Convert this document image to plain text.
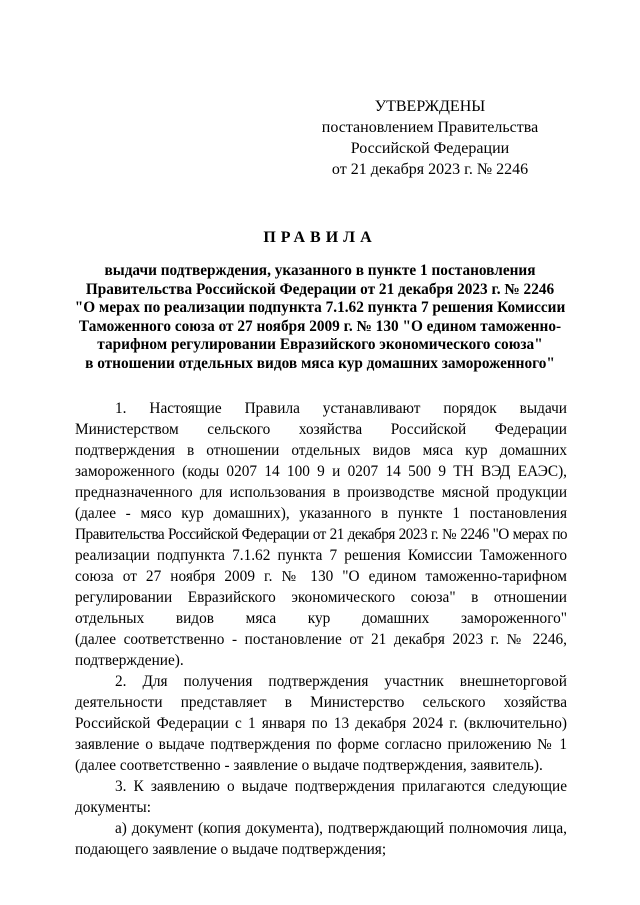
УТВЕРЖДЕНЫ
постановлением Правительства
Российской Федерации
от 21 декабря 2023 г. № 2246
ПРАВИЛА
выдачи подтверждения, указанного в пункте 1 постановления
Правительства Российской Федерации от 21 декабря 2023 г. № 2246
"О мерах по реализации подпункта 7.1.62 пункта 7 решения Комиссии
Таможенного союза от 27 ноября 2009 г. № 130 "О едином таможенно-
тарифном регулировании Евразийского экономического союза"
в отношении отдельных видов мяса кур домашних замороженного"
1. Настоящие Правила устанавливают порядок выдачи
Министерством сельского хозяйства Российской Федерации
подтверждения в отношении отдельных видов мяса кур домашних
замороженного (коды 0207 14 100 9 и 0207 14 500 9 ТН ВЭД ЕАЭС),
предназначенного для использования в производстве мясной продукции
(далее - мясо кур домашних), указанного в пункте 1 постановления
Правительства Российской Федерации от 21 декабря 2023 г. № 2246 "О мерах по
реализации подпункта 7.1.62 пункта 7 решения Комиссии Таможенного
союза от 27 ноября 2009 г. № 130 "О едином таможенно-тарифном
регулировании Евразийского экономического союза" в отношении
отдельных видов мяса кур домашних замороженного"
(далее соответственно - постановление от 21 декабря 2023 г. № 2246,
подтверждение).
2. Для получения подтверждения участник внешнеторговой
деятельности представляет в Министерство сельского хозяйства
Российской Федерации с 1 января по 13 декабря 2024 г. (включительно)
заявление о выдаче подтверждения по форме согласно приложению № 1
(далее соответственно - заявление о выдаче подтверждения, заявитель).
3. К заявлению о выдаче подтверждения прилагаются следующие
документы:
а) документ (копия документа), подтверждающий полномочия лица,
подающего заявление о выдаче подтверждения;
